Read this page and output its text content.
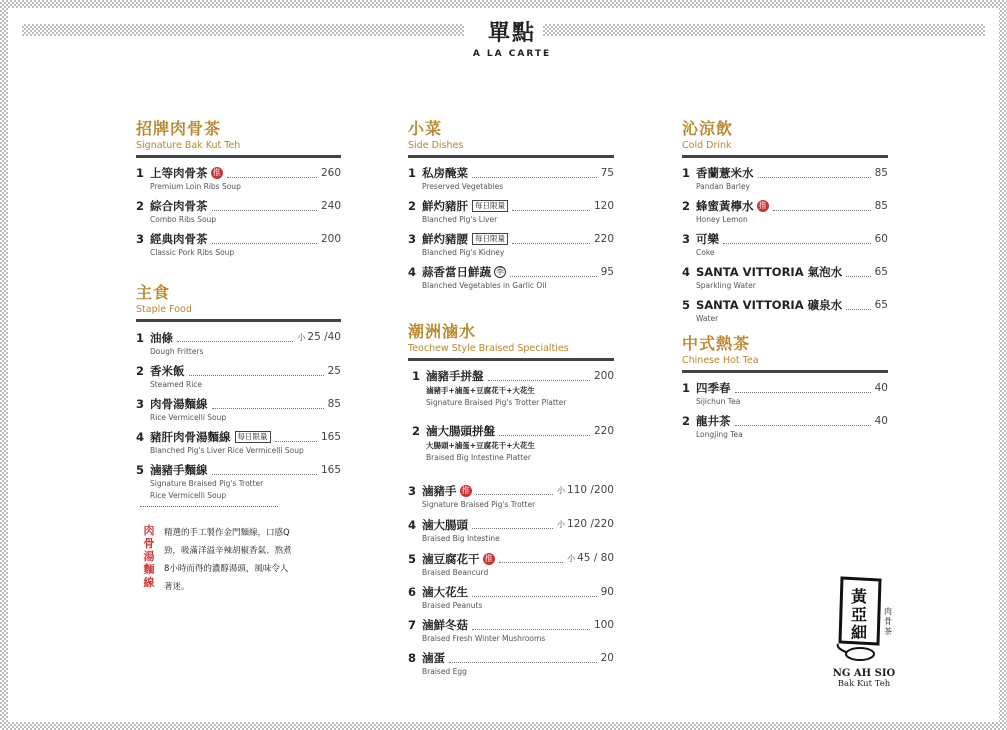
單點
A LA CARTE
招牌肉骨茶
Signature Bak Kut Teh
1 上等肉骨茶 推	260
Premium Loin Ribs Soup
2 綜合肉骨茶	240
Combo Ribs Soup
3 經典肉骨茶	200
Classic Pork Ribs Soup
主食
Staple Food
1 油條	小 25 /40
Dough Fritters
2 香米飯	25
Steamed Rice
3 肉骨湯麵線	85
Rice Vermicelli Soup
4 豬肝肉骨湯麵線 每日限量	165
Blanched Pig's Liver Rice Vermicelli Soup
5 滷豬手麵線	165
Signature Braised Pig's Trotter
Rice Vermicelli Soup
肉骨湯麵線
精選的手工製作金門麵線，口感Q勁，吸滿洋溢辛辣胡椒香氣、熬煮8小時而得的濃醇湯頭，風味令人著迷。
小菜
Side Dishes
1 私房醃菜	75
Preserved Vegetables
2 鮮灼豬肝 每日限量	120
Blanched Pig's Liver
3 鮮灼豬腰 每日限量	220
Blanched Pig's Kidney
4 蒜香當日鮮蔬 季	95
Blanched Vegetables in Garlic Oil
潮洲滷水
Teochew Style Braised Specialties
1 滷豬手拼盤	200
滷豬手+滷蛋+豆腐花干+大花生
Signature Braised Pig's Trotter Platter
2 滷大腸頭拼盤	220
大腸頭+滷蛋+豆腐花干+大花生
Braised Big Intestine Platter
3 滷豬手 推	小 110 /200
Signature Braised Pig's Trotter
4 滷大腸頭	小 120 /220
Braised Big Intestine
5 滷豆腐花干 推	小 45 / 80
Braised Beancurd
6 滷大花生	90
Braised Peanuts
7 滷鮮冬菇	100
Braised Fresh Winter Mushrooms
8 滷蛋	20
Braised Egg
沁涼飲
Cold Drink
1 香蘭薏米水	85
Pandan Barley
2 蜂蜜黃檸水 推	85
Honey Lemon
3 可樂	60
Coke
4 SANTA VITTORIA 氣泡水	65
Sparkling Water
5 SANTA VITTORIA 礦泉水	65
Water
中式熱茶
Chinese Hot Tea
1 四季春	40
Sijichun Tea
2 龍井茶	40
Longjing Tea
黃
亞
細
肉
骨
茶
NG AH SIO
Bak Kut Teh
